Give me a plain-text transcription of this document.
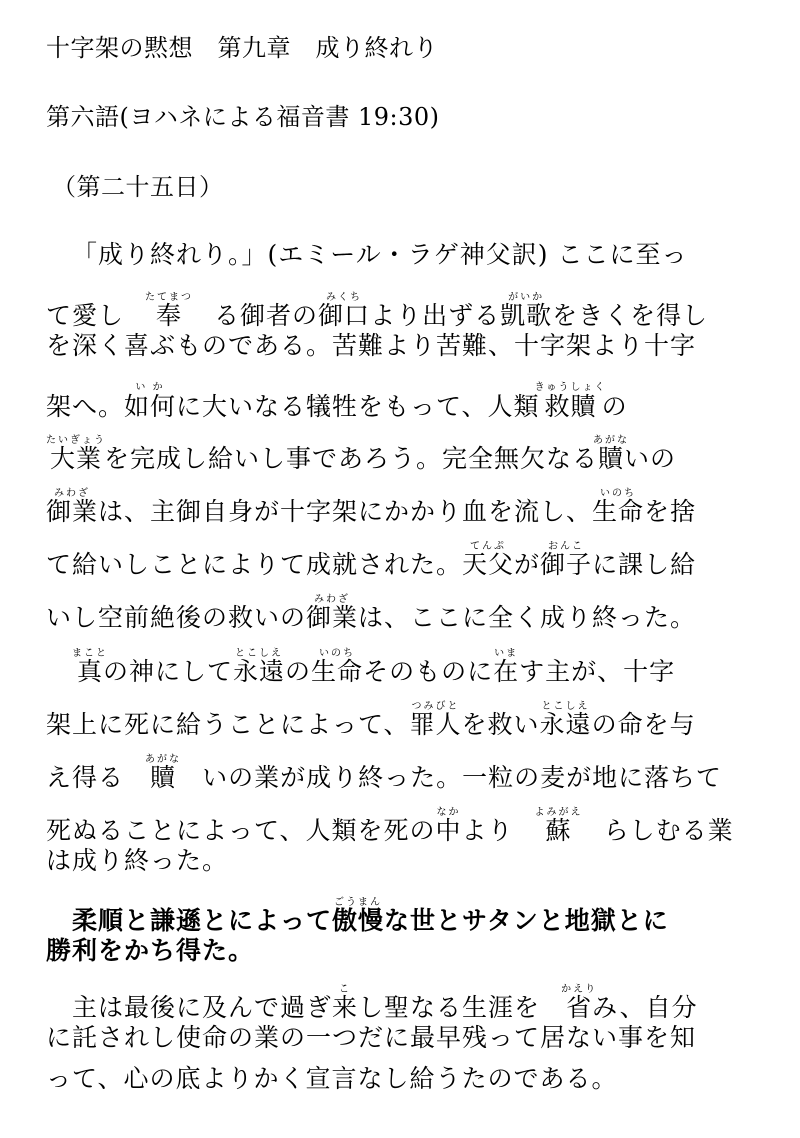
十字架の黙想　第九章　成り終れり
第六語(ヨハネによる福音書 19:30)
（第二十五日）
「成り終れり。」(エミール・ラゲ神父訳) ここに至っ
て愛し　 奉たてまつ　る御者の御口みくちより出ずる凱歌がいかをきくを得し
を深く喜ぶものである。苦難より苦難、十字架より十字
架へ。如何い かに大いなる犠牲をもって、人類救贖きゅうしょくの
大業たいぎょうを完成し給いし事であろう。完全無欠なる贖あがないの
御業みわざは、主御自身が十字架にかかり血を流し、生命いのちを捨
て給いしことによりて成就された。天父てんぷが御子おんこに課し給
いし空前絶後の救いの御業みわざは、ここに全く成り終った。
真まことの神にして永遠とこしえの生命いのちそのものに在います主が、十字
架上に死に給うことによって、罪人つみびとを救い永遠とこしえの命を与
え得る　 贖あがな　いの業が成り終った。一粒の麦が地に落ちて
死ぬることによって、人類を死の中なかより　 蘇よみがえ　らしむる業
は成り終った。
柔順と謙遜とによって傲慢ごうまんな世とサタンと地獄とに
勝利をかち得た。
主は最後に及んで過ぎ来こし聖なる生涯を　 省かえりみ、自分
に託されし使命の業の一つだに最早残って居ない事を知
って、心の底よりかく宣言なし給うたのである。
